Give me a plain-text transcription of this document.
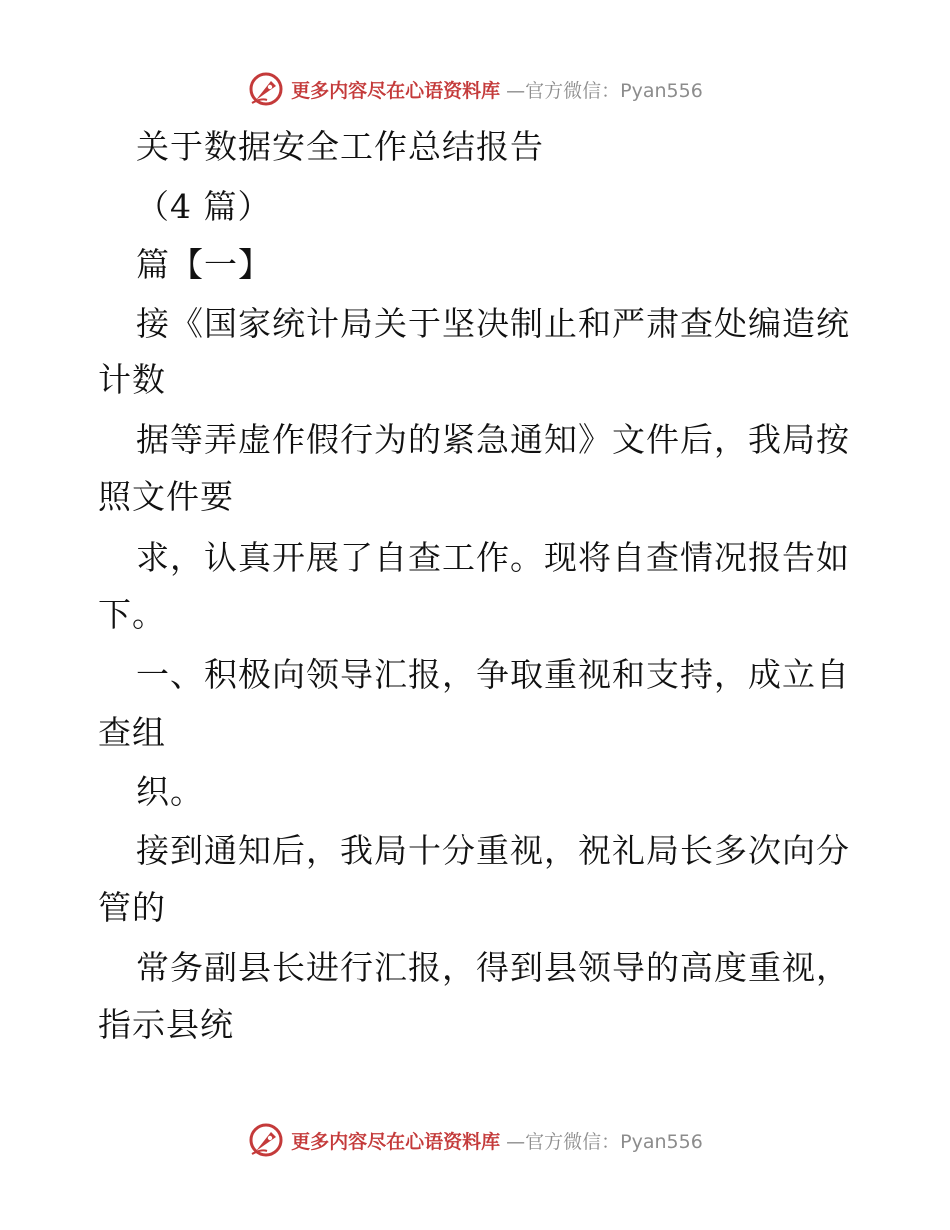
更多内容尽在心语资料库 —官方微信：Pyan556
关于数据安全工作总结报告
（4 篇）
篇【一】
接《国家统计局关于坚决制止和严肃查处编造统
计数
据等弄虚作假行为的紧急通知》文件后，我局按
照文件要
求，认真开展了自查工作。现将自查情况报告如
下。
一、积极向领导汇报，争取重视和支持，成立自
查组
织。
接到通知后，我局十分重视，祝礼局长多次向分
管的
常务副县长进行汇报，得到县领导的高度重视，
指示县统
更多内容尽在心语资料库 —官方微信：Pyan556
